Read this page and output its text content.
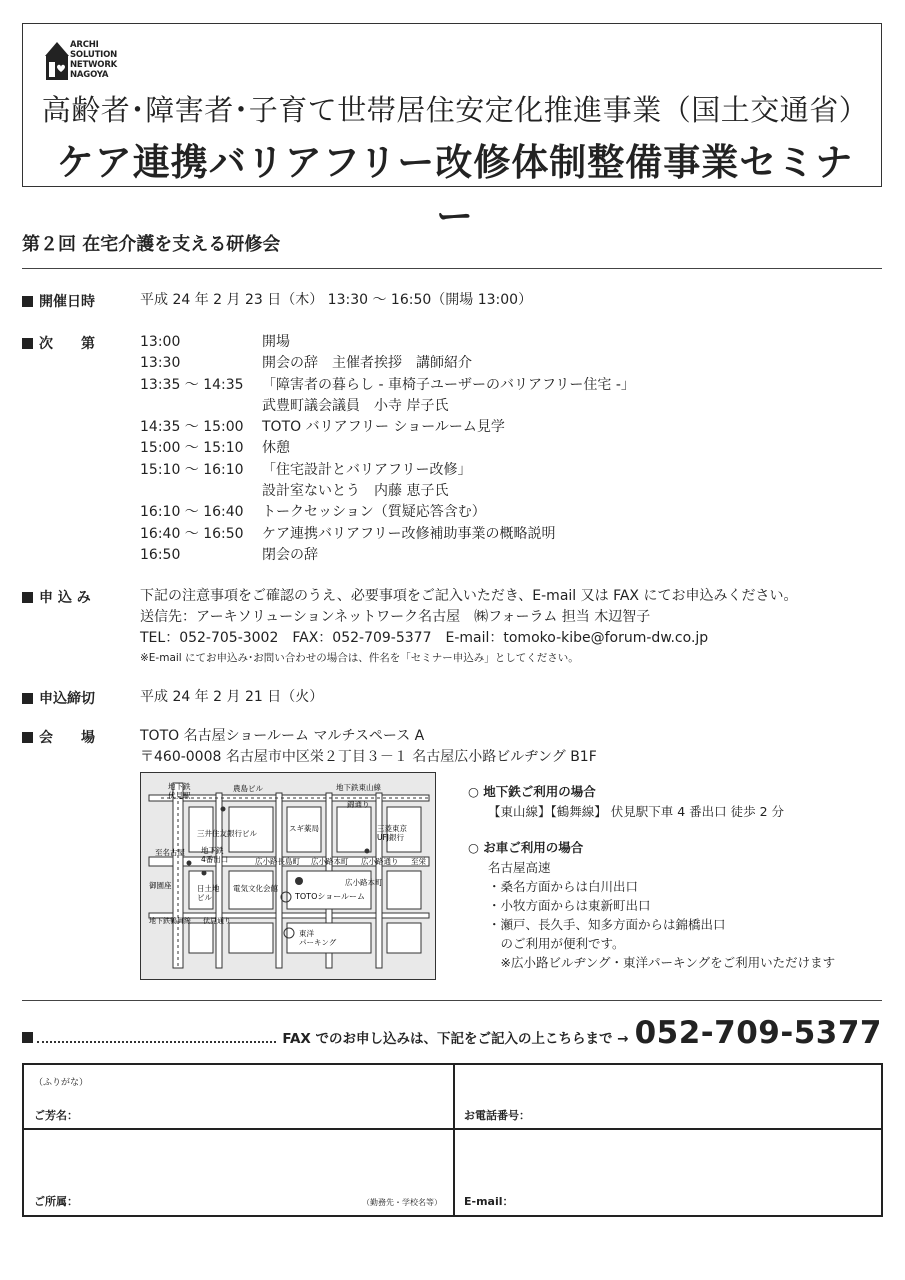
ARCHI
SOLUTION
NETWORK
NAGOYA
高齢者･障害者･子育て世帯居住安定化推進事業（国土交通省）
ケア連携バリアフリー改修体制整備事業セミナー
第２回 在宅介護を支える研修会
開催日時	平成 24 年 2 月 23 日（木） 13:30 〜 16:50（開場 13:00）
次　　第	13:00	開場
13:30	開会の辞　主催者挨拶　講師紹介
13:35 〜 14:35	「障害者の暮らし - 車椅子ユーザーのバリアフリー住宅 -」
武豊町議会議員　小寺 岸子氏
14:35 〜 15:00	TOTO バリアフリー ショールーム見学
15:00 〜 15:10	休憩
15:10 〜 16:10	「住宅設計とバリアフリー改修」
設計室ないとう　内藤 恵子氏
16:10 〜 16:40	トークセッション（質疑応答含む）
16:40 〜 16:50	ケア連携バリアフリー改修補助事業の概略説明
16:50	閉会の辞
申 込 み	下記の注意事項をご確認のうえ、必要事項をご記入いただき、E-mail 又は FAX にてお申込みください。
送信先：アーキソリューションネットワーク名古屋　㈱フォーラム 担当 木辺智子
TEL：052-705-3002　FAX：052-709-5377　E-mail：tomoko-kibe@forum-dw.co.jp
※E-mail にてお申込み･お問い合わせの場合は、件名を「セミナー申込み」としてください。
申込締切	平成 24 年 2 月 21 日（火）
会　　場	TOTO 名古屋ショールーム マルチスペース A
〒460-0008 名古屋市中区栄２丁目３－１ 名古屋広小路ビルヂング B1F
地下鉄伏見駅
農島ビル	地下鉄東山線
錦通り
三井住友銀行ビル
スギ薬局	三菱東京 UFJ銀行
至名古屋 地下鉄 4番出口	広小路長島町 広小路本町 広小路通り 至栄
日土地ビル
電気文化会館
広小路本町
TOTOショールーム
東洋パーキング
御園座
地下鉄鶴舞線 伏見通り
○ 地下鉄ご利用の場合
【東山線】【鶴舞線】 伏見駅下車 4 番出口 徒歩 2 分
○ お車ご利用の場合
名古屋高速
・桑名方面からは白川出口
・小牧方面からは東新町出口
・瀬戸、長久手、知多方面からは錦橋出口
　のご利用が便利です。
　※広小路ビルヂング・東洋パーキングをご利用いただけます
FAX でのお申し込みは、下記をご記入の上こちらまで → 052-709-5377
（ふりがな）
ご芳名：	お電話番号：
ご所属：	（勤務先・学校名等） E-mail：
